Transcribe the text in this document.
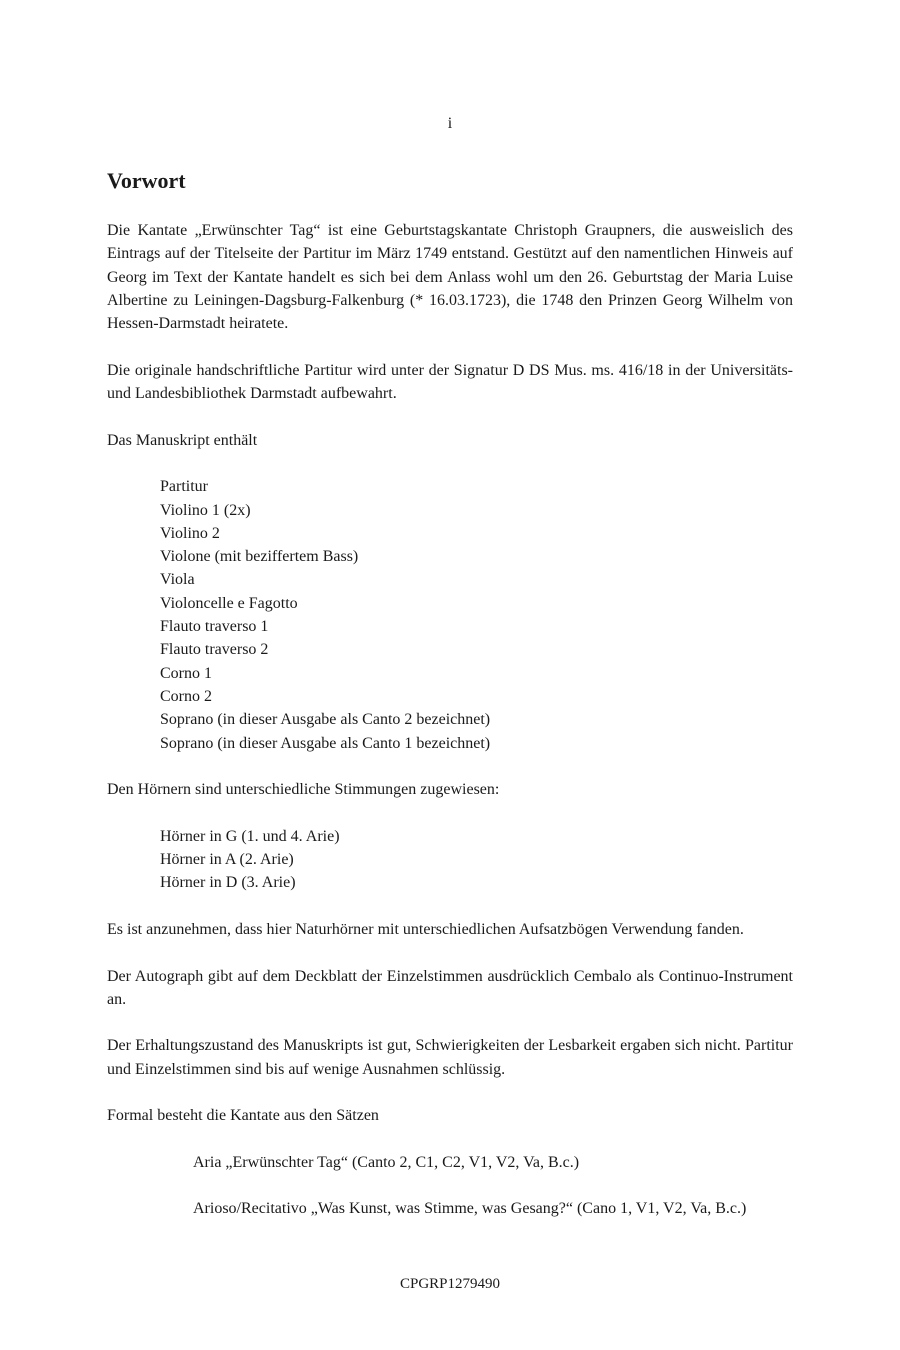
i
Vorwort

Die Kantate „Erwünschter Tag“ ist eine Geburtstagskantate Christoph Graupners, die ausweislich des Eintrags auf der Titelseite der Partitur im März 1749 entstand. Gestützt auf den namentlichen Hinweis auf Georg im Text der Kantate handelt es sich bei dem Anlass wohl um den 26. Geburtstag der Maria Luise Albertine zu Leiningen-Dagsburg-Falkenburg (* 16.03.1723), die 1748 den Prinzen Georg Wilhelm von Hessen-Darmstadt heiratete.

Die originale handschriftliche Partitur wird unter der Signatur D DS Mus. ms. 416/18 in der Universitäts- und Landesbibliothek Darmstadt aufbewahrt.

Das Manuskript enthält

Partitur
Violino 1 (2x)
Violino 2
Violone (mit beziffertem Bass)
Viola
Violoncelle e Fagotto
Flauto traverso 1
Flauto traverso 2
Corno 1
Corno 2
Soprano (in dieser Ausgabe als Canto 2 bezeichnet)
Soprano (in dieser Ausgabe als Canto 1 bezeichnet)

Den Hörnern sind unterschiedliche Stimmungen zugewiesen:

Hörner in G (1. und 4. Arie)
Hörner in A (2. Arie)
Hörner in D (3. Arie)

Es ist anzunehmen, dass hier Naturhörner mit unterschiedlichen Aufsatzbögen Verwendung fanden.

Der Autograph gibt auf dem Deckblatt der Einzelstimmen ausdrücklich Cembalo als Continuo-Instrument an.

Der Erhaltungszustand des Manuskripts ist gut, Schwierigkeiten der Lesbarkeit ergaben sich nicht. Partitur und Einzelstimmen sind bis auf wenige Ausnahmen schlüssig.

Formal besteht die Kantate aus den Sätzen

Aria „Erwünschter Tag“ (Canto 2, C1, C2, V1, V2, Va, B.c.)
Arioso/Recitativo „Was Kunst, was Stimme, was Gesang?“ (Cano 1, V1, V2, Va, B.c.)
CPGRP1279490
